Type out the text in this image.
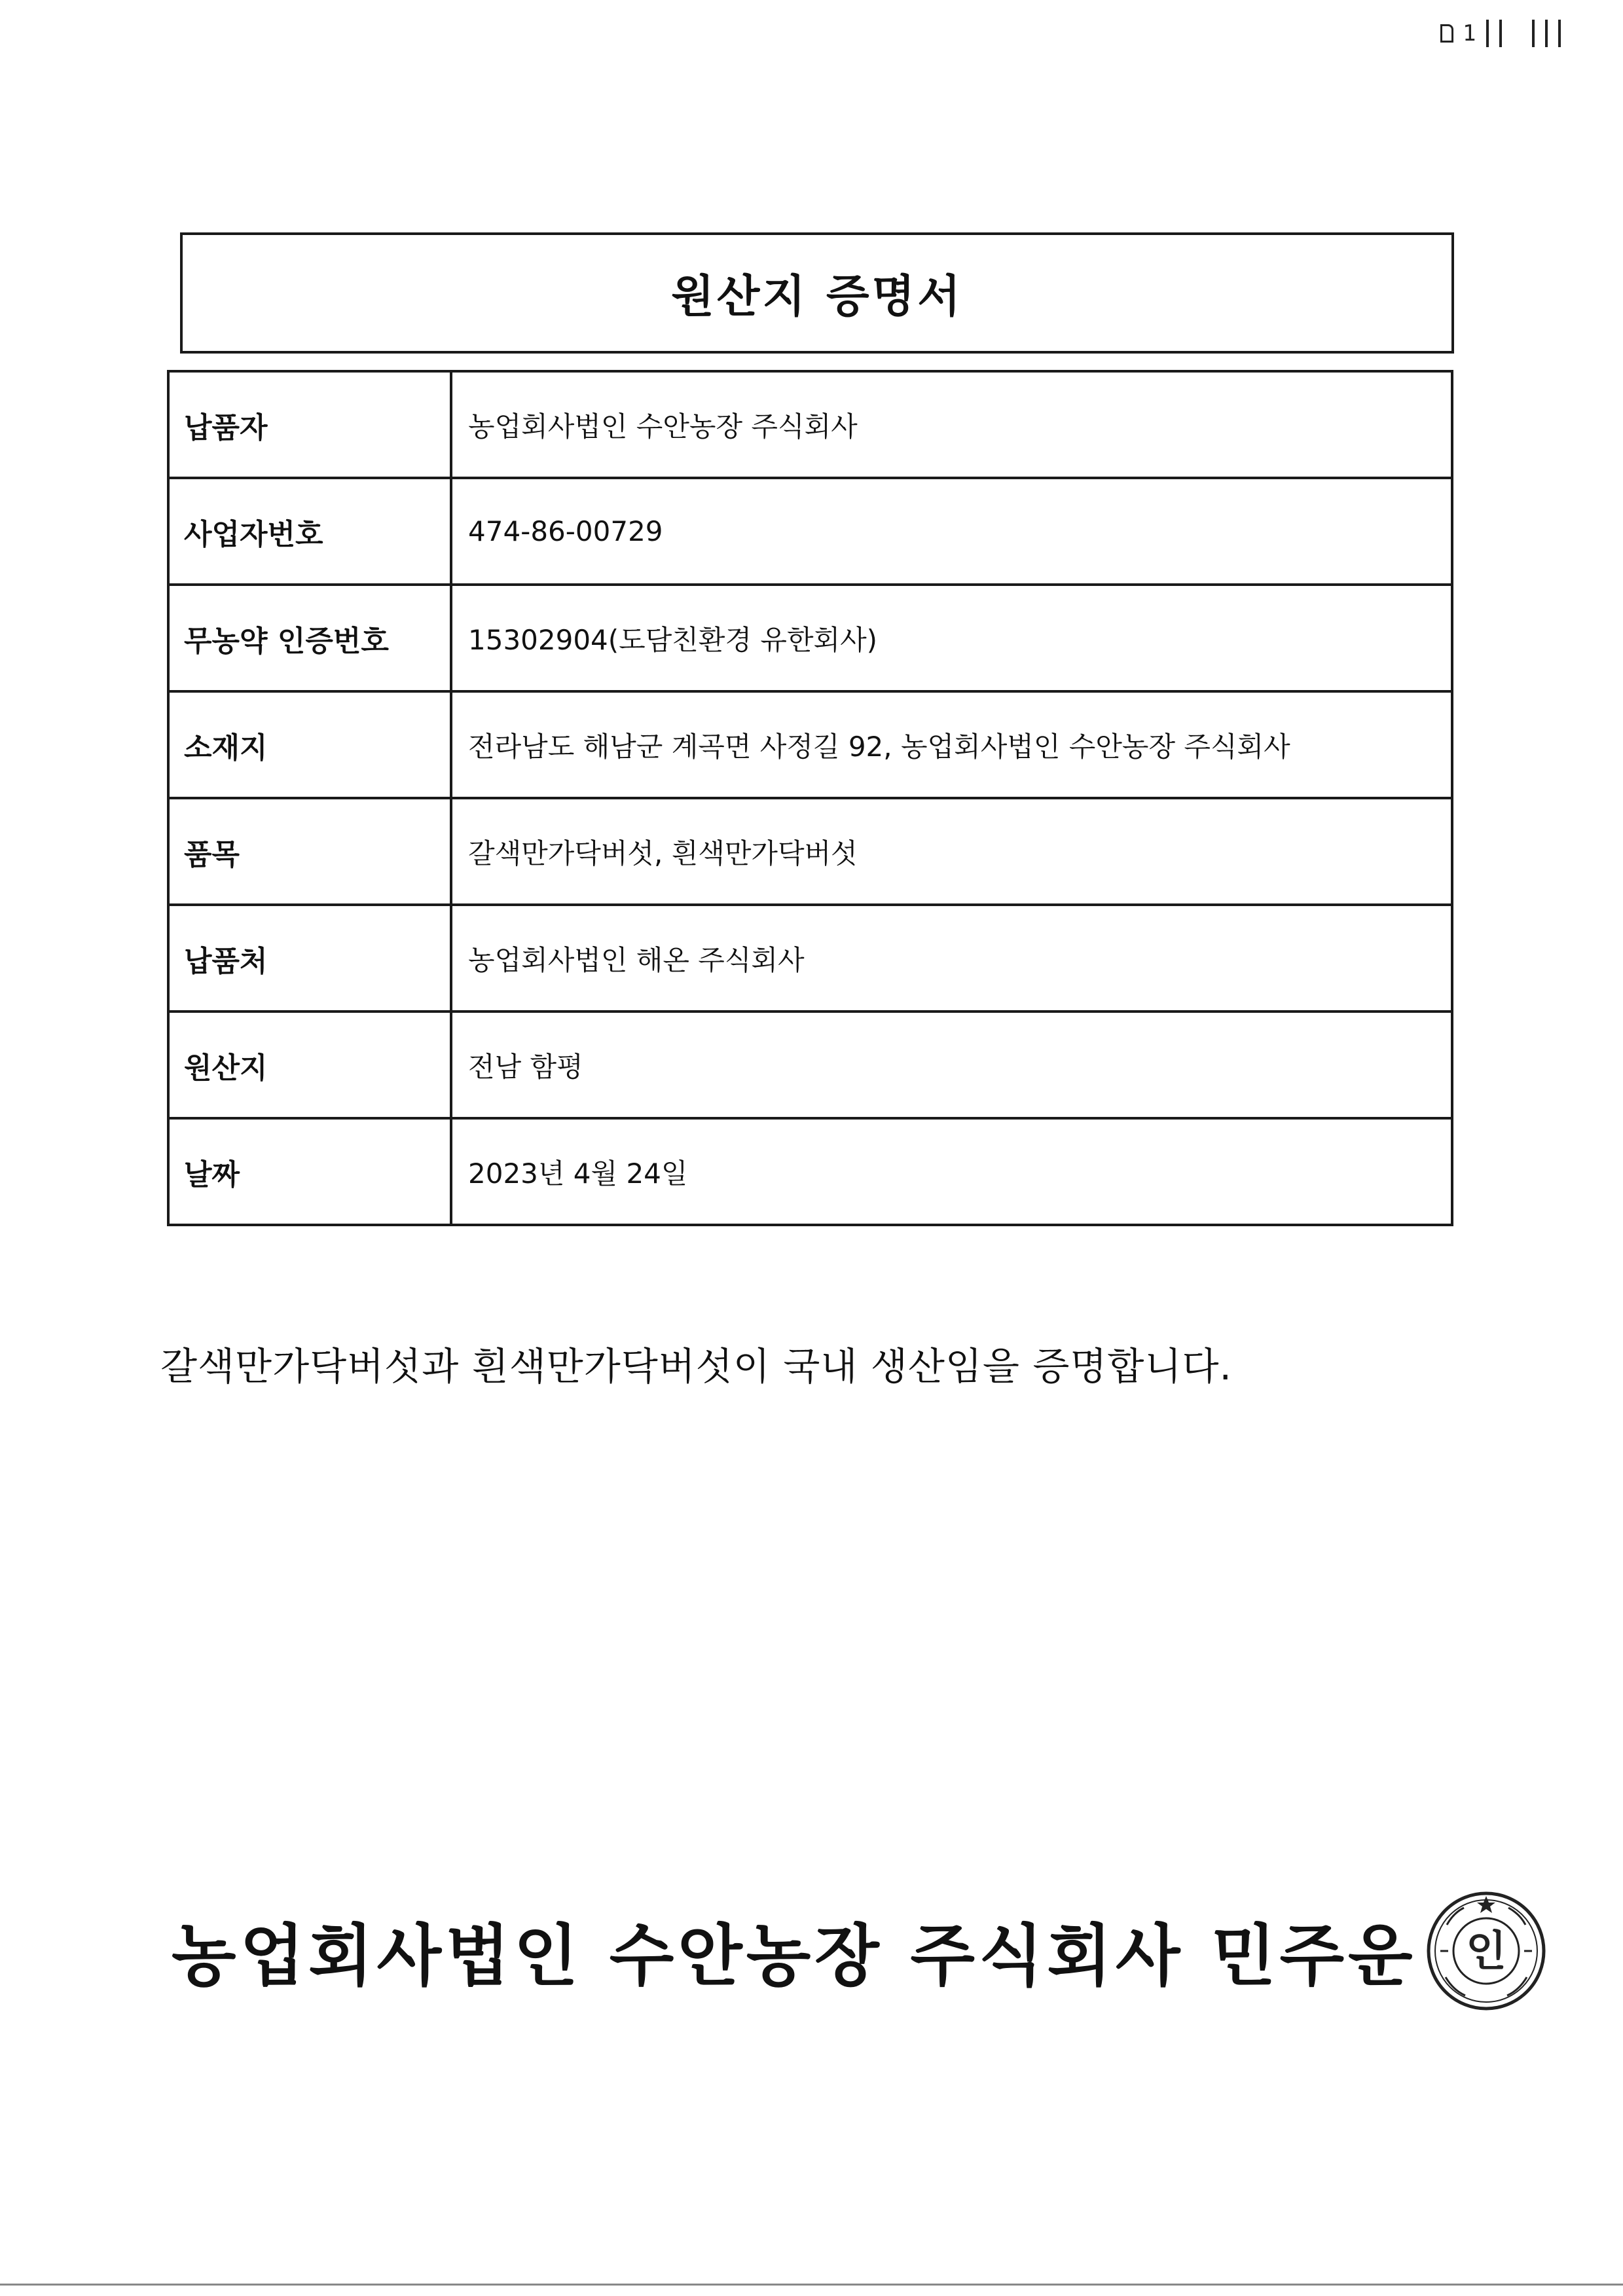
1
원산지 증명서
납품자	농업회사법인 수안농장 주식회사
사업자번호	474-86-00729
무농약 인증번호	15302904(도담친환경 유한회사)
소재지	전라남도 해남군 계곡면 사정길 92, 농업회사법인 수안농장 주식회사
품목	갈색만가닥버섯, 흰색만가닥버섯
납품처	농업회사법인 해온 주식회사
원산지	전남 함평
날짜	2023년 4월 24일
갈색만가닥버섯과 흰색만가닥버섯이 국내 생산임을 증명합니다.
농업회사법인 수안농장 주식회사 민주운 인
